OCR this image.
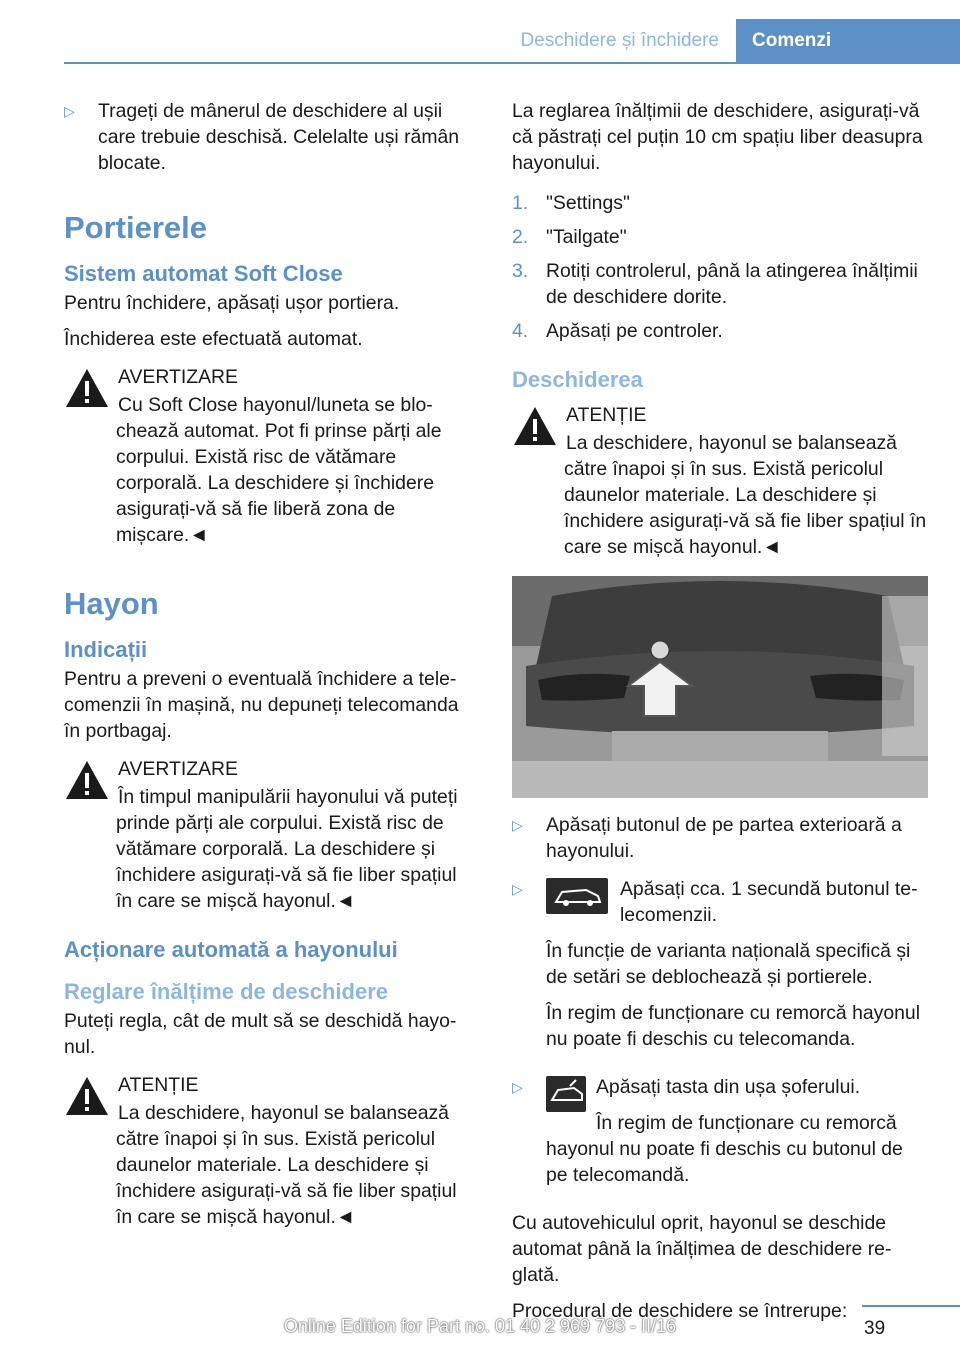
Deschidere și închidere	Comenzi
▷	Trageți de mânerul de deschidere al ușii care trebuie deschisă. Celelalte uși rămân blocate.
Portierele
Sistem automat Soft Close
Pentru închidere, apăsați ușor portiera.
Închiderea este efectuată automat.
AVERTIZARE
Cu Soft Close hayonul/luneta se blochează automat. Pot fi prinse părți ale corpului. Există risc de vătămare corporală. La deschidere și închidere asigurați-vă să fie liberă zona de mișcare.◄
Hayon
Indicații
Pentru a preveni o eventuală închidere a telecomenzii în mașină, nu depuneți telecomanda în portbagaj.
AVERTIZARE
În timpul manipulării hayonului vă puteți prinde părți ale corpului. Există risc de vătămare corporală. La deschidere și închidere asigurați-vă să fie liber spațiul în care se mișcă hayonul.◄
Acționare automată a hayonului
Reglare înălțime de deschidere
Puteți regla, cât de mult să se deschidă hayonul.
ATENȚIE
La deschidere, hayonul se balansează către înapoi și în sus. Există pericolul daunelor materiale. La deschidere și închidere asigurați-vă să fie liber spațiul în care se mișcă hayonul.◄
La reglarea înălțimii de deschidere, asigurați-vă că păstrați cel puțin 10 cm spațiu liber deasupra hayonului.
1. "Settings"
2. "Tailgate"
3. Rotiți controlerul, până la atingerea înălțimii de deschidere dorite.
4. Apăsați pe controler.
Deschiderea
ATENȚIE
La deschidere, hayonul se balansează către înapoi și în sus. Există pericolul daunelor materiale. La deschidere și închidere asigurați-vă să fie liber spațiul în care se mișcă hayonul.◄
▷	Apăsați butonul de pe partea exterioară a hayonului.
▷	Apăsați cca. 1 secundă butonul telecomenzii.
În funcție de varianta națională specifică și de setări se deblochează și portierele.
În regim de funcționare cu remorcă hayonul nu poate fi deschis cu telecomanda.
▷	Apăsați tasta din ușa șoferului.
În regim de funcționare cu remorcă hayonul nu poate fi deschis cu butonul de pe telecomandă.
Cu autovehiculul oprit, hayonul se deschide automat până la înălțimea de deschidere reglată.
Procedural de deschidere se întrerupe:
39
Online Edition for Part no. 01 40 2 969 793 - II/16
